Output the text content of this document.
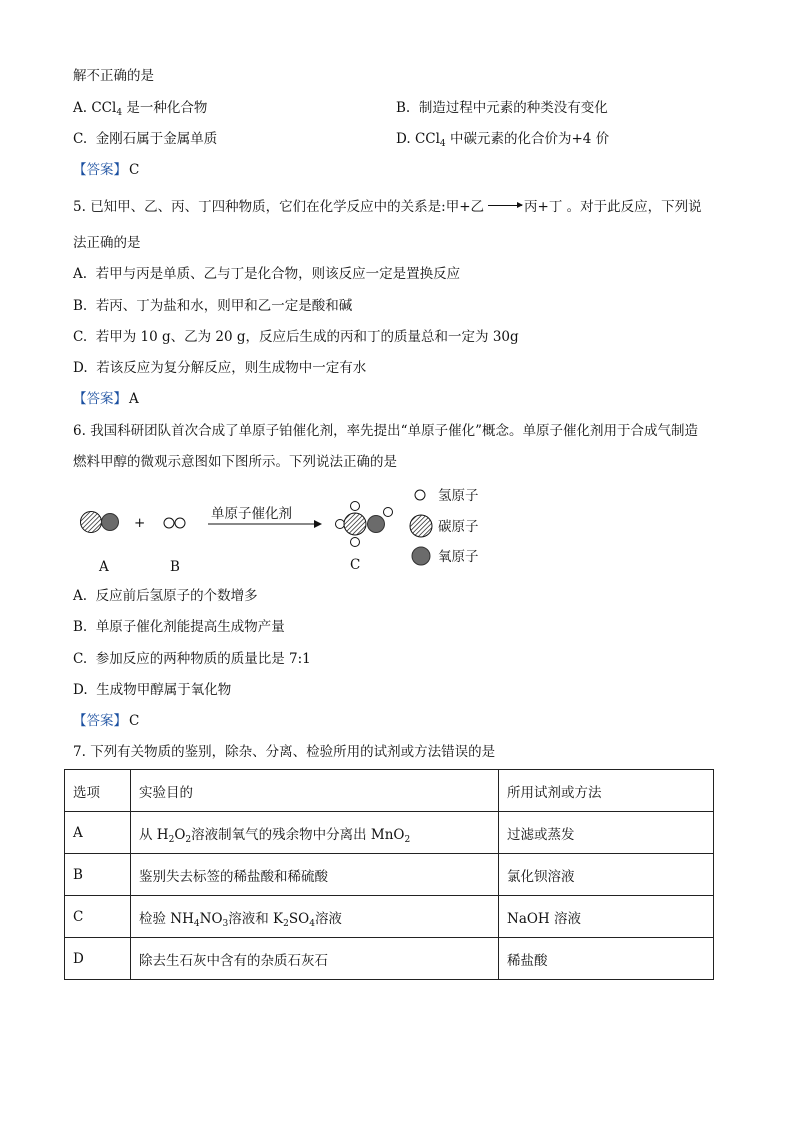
解不正确的是
A. CCl$_4$ 是一种化合物	B. 制造过程中元素的种类没有变化
C. 金刚石属于金属单质	D. CCl$_4$ 中碳元素的化合价为+4 价
【答案】 C
5. 已知甲、乙、丙、丁四种物质，它们在化学反应中的关系是:甲+乙 → 丙+丁 。对于此反应，下列说
法正确的是
A. 若甲与丙是单质、乙与丁是化合物，则该反应一定是置换反应
B. 若丙、丁为盐和水，则甲和乙一定是酸和碱
C. 若甲为 10 g、乙为 20 g，反应后生成的丙和丁的质量总和一定为 30g
D. 若该反应为复分解反应，则生成物中一定有水
【答案】 A
6. 我国科研团队首次合成了单原子铂催化剂，率先提出“单原子催化”概念。单原子催化剂用于合成气制造
燃料甲醇的微观示意图如下图所示。下列说法正确的是
+
单原子催化剂
A	B	C
氢原子
碳原子
氧原子
A. 反应前后氢原子的个数增多
B. 单原子催化剂能提高生成物产量
C. 参加反应的两种物质的质量比是 7:1
D. 生成物甲醇属于氧化物
【答案】 C
7. 下列有关物质的鉴别，除杂、分离、检验所用的试剂或方法错误的是
选项	实验目的	所用试剂或方法
A	从 $H_2O_2$溶液制氧气的残余物中分离出 MnO$_2$	过滤或蒸发
B	鉴别失去标签的稀盐酸和稀硫酸	氯化钡溶液
C	检验 $NH_4NO_3$溶液和 $K_2SO_4$溶液	NaOH 溶液
D	除去生石灰中含有的杂质石灰石	稀盐酸
